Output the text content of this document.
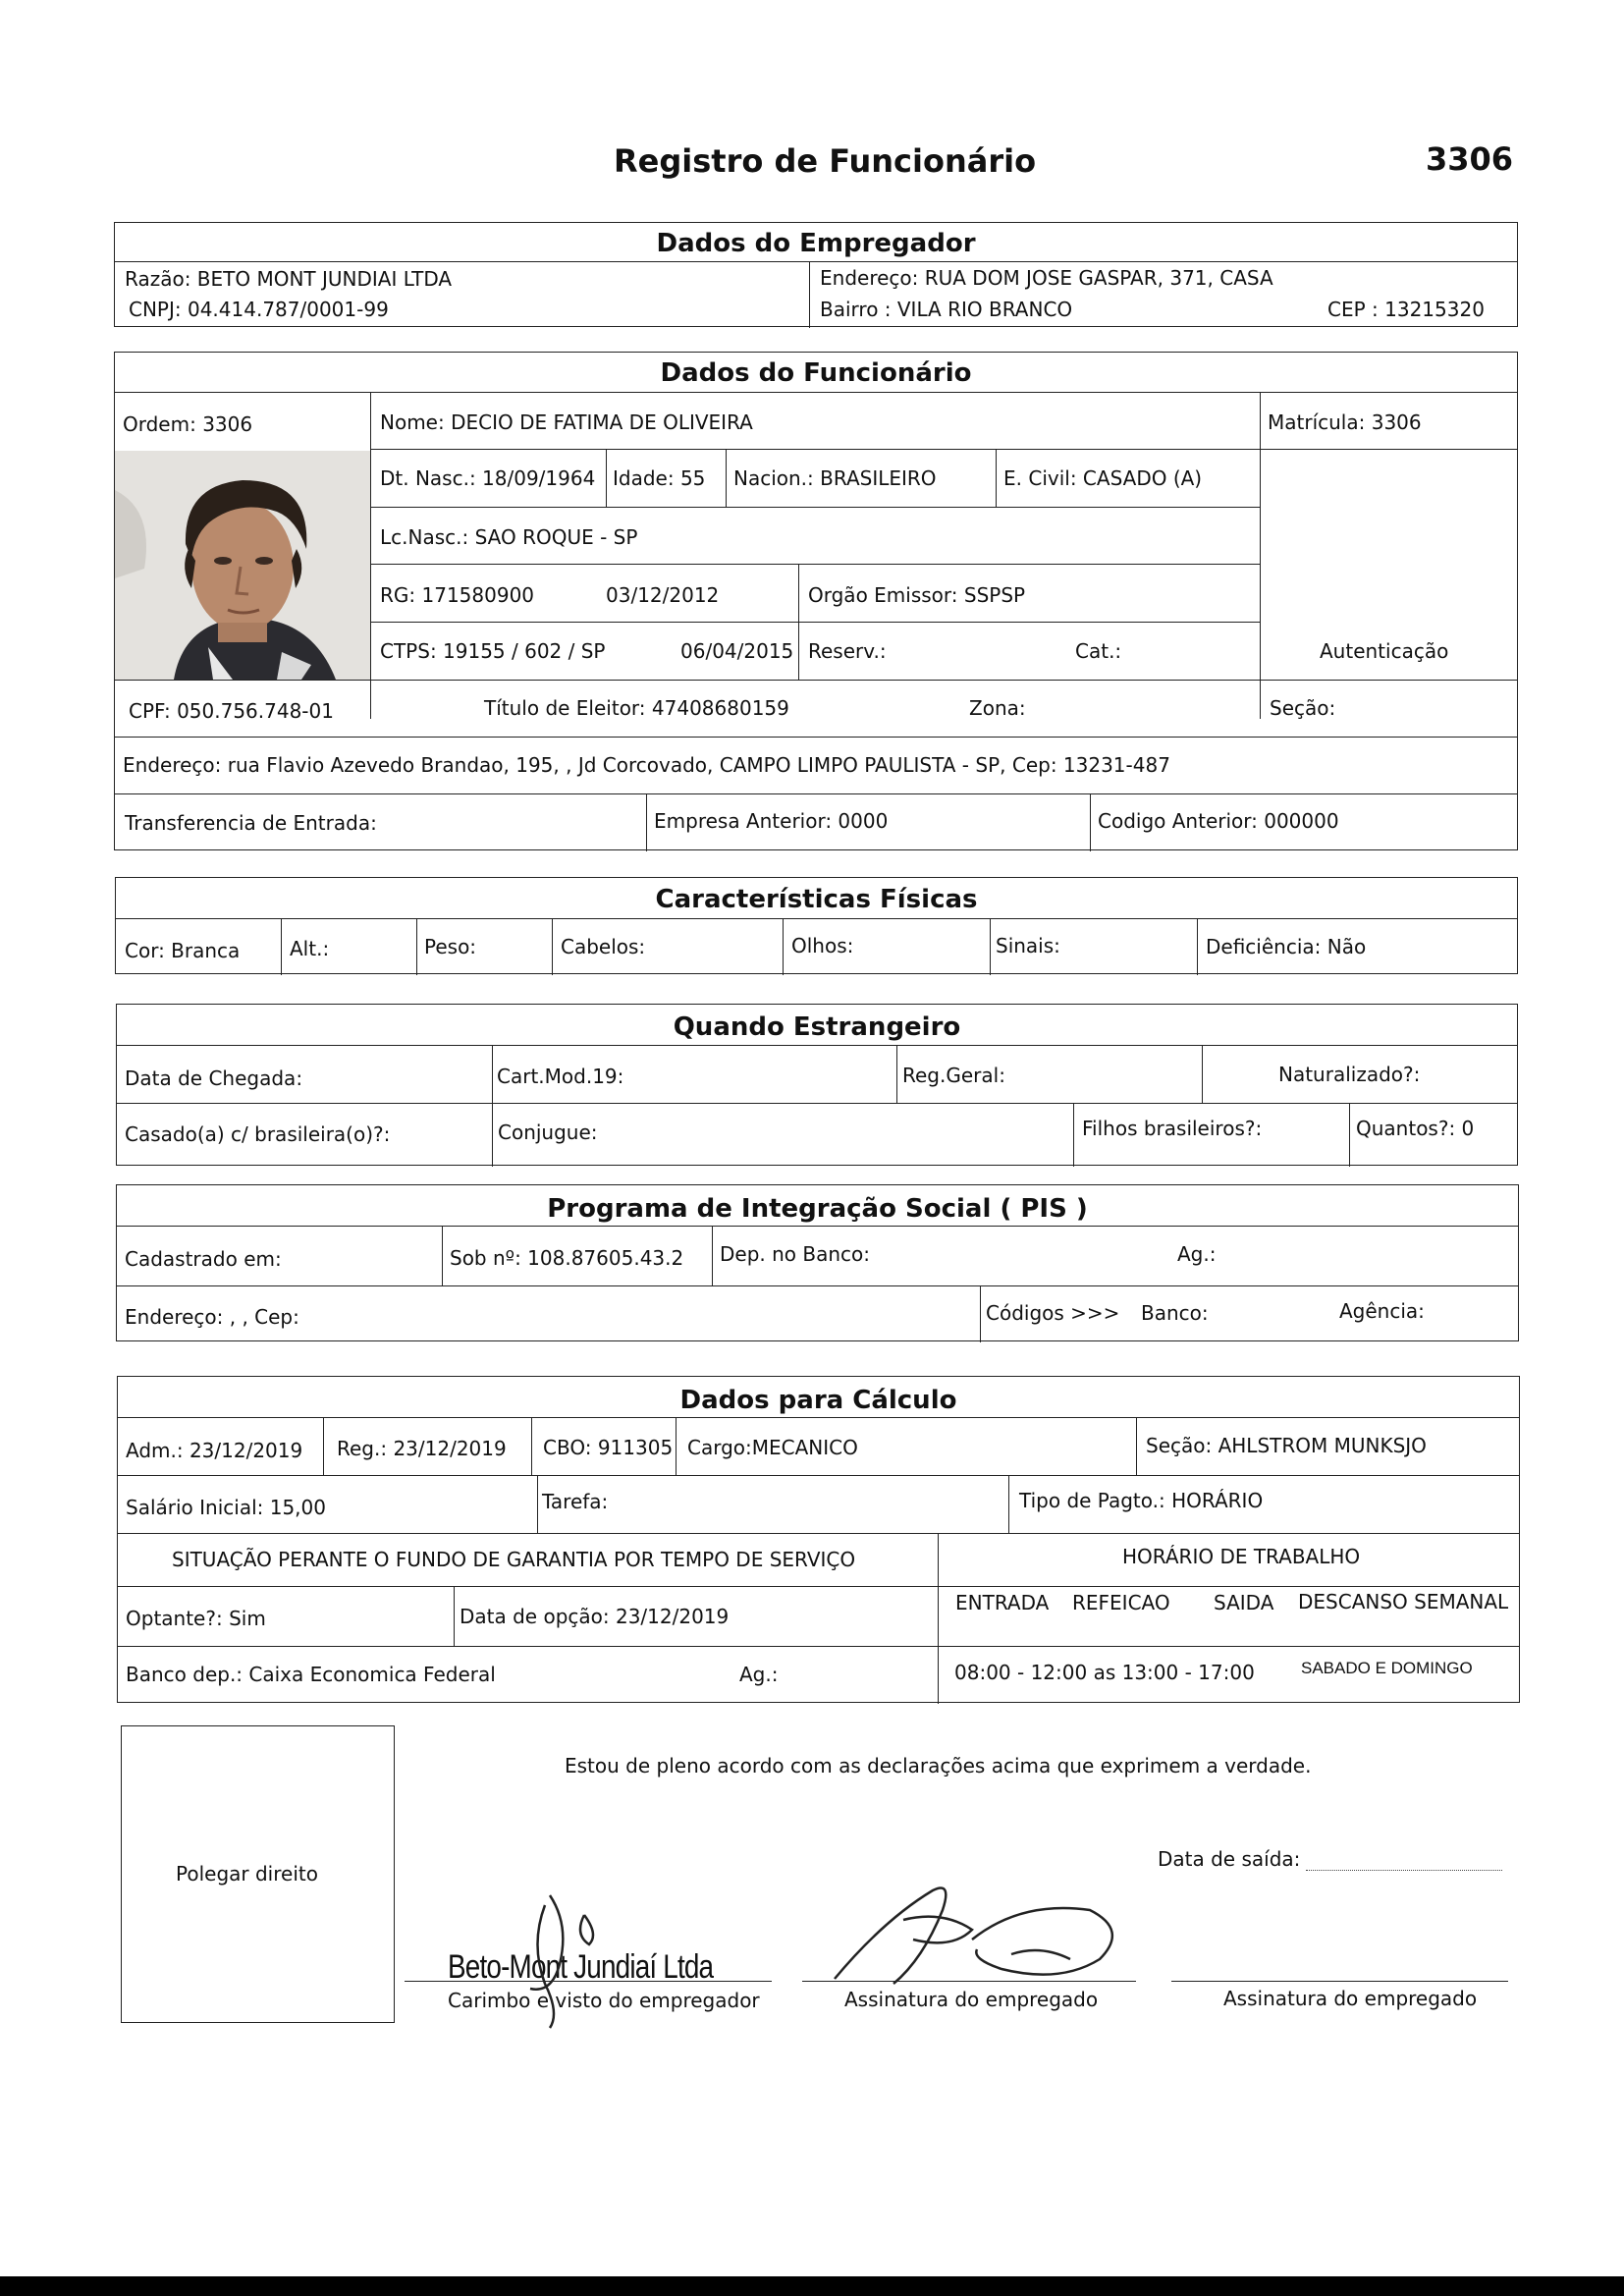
Registro de Funcionário	3306
Dados do Empregador
Razão: BETO MONT JUNDIAI LTDA
CNPJ: 04.414.787/0001-99
Endereço: RUA DOM JOSE GASPAR, 371, CASA
Bairro : VILA RIO BRANCO	CEP : 13215320
Dados do Funcionário
Ordem: 3306	Nome: DECIO DE FATIMA DE OLIVEIRA	Matrícula: 3306
Dt. Nasc.: 18/09/1964 Idade: 55 Nacion.: BRASILEIRO	E. Civil: CASADO (A)
Lc.Nasc.: SAO ROQUE - SP
RG: 171580900	03/12/2012	Orgão Emissor: SSPSP
CTPS: 19155 / 602 / SP	06/04/2015 Reserv.:	Cat.:	Autenticação
CPF: 050.756.748-01	Título de Eleitor: 47408680159	Zona:	Seção:
Endereço: rua Flavio Azevedo Brandao, 195, , Jd Corcovado, CAMPO LIMPO PAULISTA - SP, Cep: 13231-487
Transferencia de Entrada:	Empresa Anterior: 0000	Codigo Anterior: 000000
Características Físicas
Cor: Branca	Alt.:	Peso:	Cabelos:	Olhos:	Sinais:	Deficiência: Não
Quando Estrangeiro
Data de Chegada:	Cart.Mod.19:	Reg.Geral:	Naturalizado?:
Casado(a) c/ brasileira(o)?:	Conjugue:	Filhos brasileiros?:	Quantos?: 0
Programa de Integração Social ( PIS )
Cadastrado em:	Sob nº: 108.87605.43.2 Dep. no Banco:	Ag.:
Endereço: , , Cep:	Códigos >>> Banco:	Agência:
Dados para Cálculo
Adm.: 23/12/2019 Reg.: 23/12/2019 CBO: 911305 Cargo:MECANICO	Seção: AHLSTROM MUNKSJO
Salário Inicial: 15,00	Tarefa:	Tipo de Pagto.: HORÁRIO
SITUAÇÃO PERANTE O FUNDO DE GARANTIA POR TEMPO DE SERVIÇO	HORÁRIO DE TRABALHO
Optante?: Sim	Data de opção: 23/12/2019
ENTRADA REFEICAO SAIDA DESCANSO SEMANAL
Banco dep.: Caixa Economica Federal	Ag.:	08:00 - 12:00 as 13:00 - 17:00	SABADO E DOMINGO
Polegar direito
Estou de pleno acordo com as declarações acima que exprimem a verdade.
Data de saída:
Beto-Mont Jundiaí Ltda
Carimbo e visto do empregador	Assinatura do empregado	Assinatura do empregado
